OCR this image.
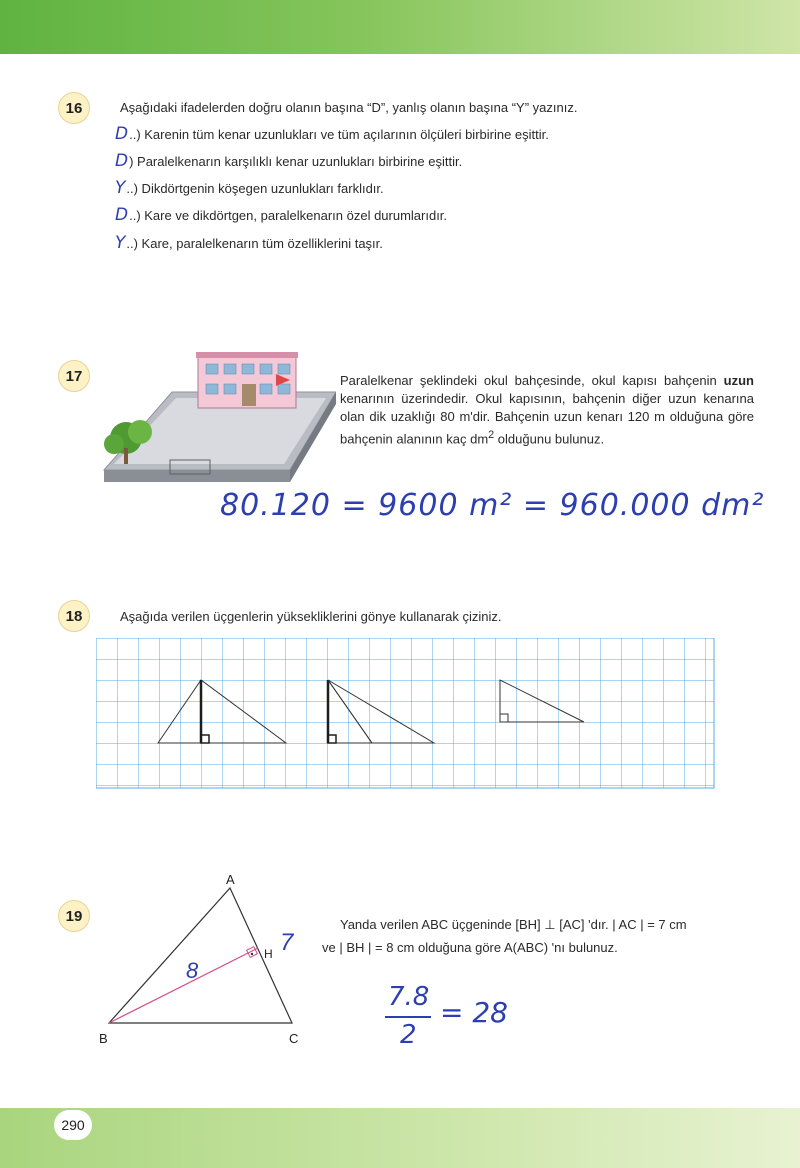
16	Aşağıdaki ifadelerden doğru olanın başına “D”, yanlış olanın başına “Y” yazınız.
D..) Karenin tüm kenar uzunlukları ve tüm açılarının ölçüleri birbirine eşittir.
D) Paralelkenarın karşılıklı kenar uzunlukları birbirine eşittir.
Y..) Dikdörtgenin köşegen uzunlukları farklıdır.
D..) Kare ve dikdörtgen, paralelkenarın özel durumlarıdır.
Y..) Kare, paralelkenarın tüm özelliklerini taşır.
17	Paralelkenar şeklindeki okul bahçesinde, okul kapısı bahçenin uzun kenarının üzerindedir. Okul kapısının, bahçenin diğer uzun kenarına olan dik uzaklığı 80 m'dir. Bahçenin uzun kenarı 120 m olduğuna göre bahçenin alanının kaç $dm^2$ olduğunu bulunuz.
80.120 = 9600 m² = 960.000 dm²
18	Aşağıda verilen üçgenlerin yüksekliklerini gönye kullanarak çiziniz.
19
A
B	C
H
8
7
Yanda verilen ABC üçgeninde [BH] ⊥ [AC] 'dır. | AC | = 7 cm
ve | BH | = 8 cm olduğuna göre A(ABC) 'nı bulunuz.
7.8
2
= 28
290
